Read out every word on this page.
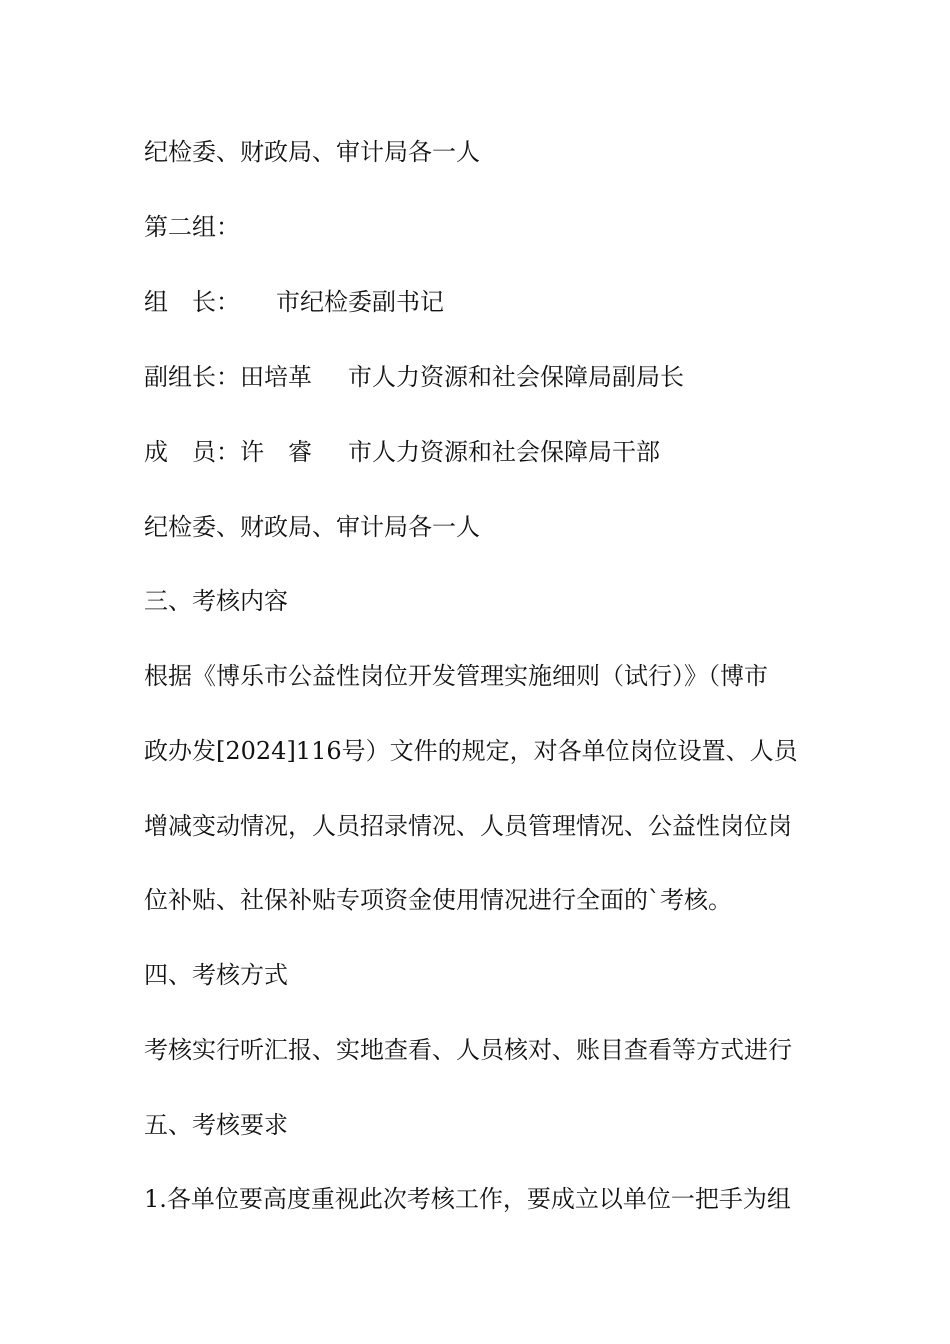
纪检委、财政局、审计局各一人
第二组：

组　长：

市纪检委副书记

副组长：

田培革

市人力资源和社会保障局副局长

成　员：

许　睿

市人力资源和社会保障局干部

纪检委、财政局、审计局各一人
三、考核内容
根据《博乐市公益性岗位开发管理实施细则（试行）》（博市
政办发[2024]116号）文件的规定，对各单位岗位设置、人员
增减变动情况，人员招录情况、人员管理情况、公益性岗位岗
位补贴、社保补贴专项资金使用情况进行全面的`考核。
四、考核方式
考核实行听汇报、实地查看、人员核对、账目查看等方式进行
五、考核要求
1.各单位要高度重视此次考核工作，要成立以单位一把手为组
